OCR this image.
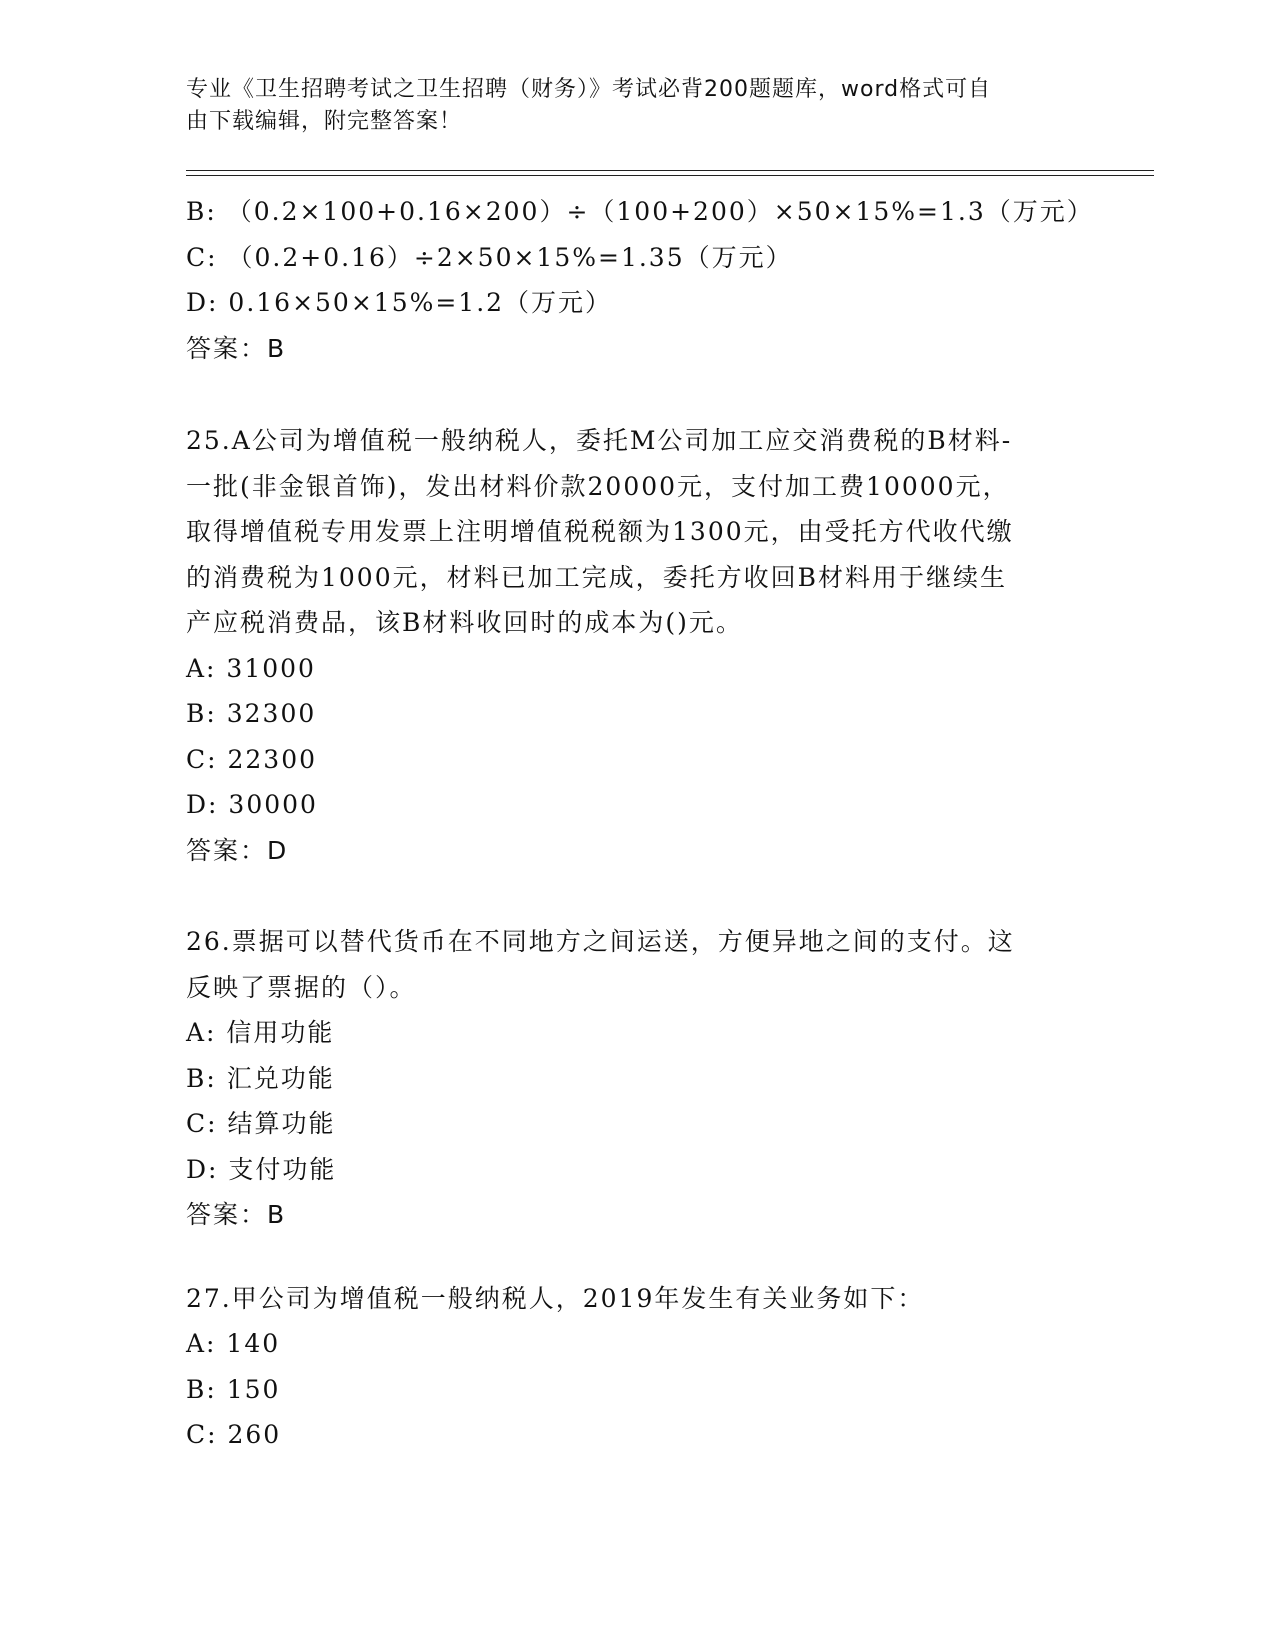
专业《卫生招聘考试之卫生招聘（财务）》考试必背200题题库，word格式可自
由下载编辑，附完整答案！
B: （0.2×100+0.16×200）÷（100+200）×50×15%=1.3（万元）
C: （0.2+0.16）÷2×50×15%=1.35（万元）
D: 0.16×50×15%=1.2（万元）
答案：B
25.A公司为增值税一般纳税人，委托M公司加工应交消费税的B材料-
一批(非金银首饰)，发出材料价款20000元，支付加工费10000元，
取得增值税专用发票上注明增值税税额为1300元，由受托方代收代缴
的消费税为1000元，材料已加工完成，委托方收回B材料用于继续生
产应税消费品，该B材料收回时的成本为()元。
A: 31000
B: 32300
C: 22300
D: 30000
答案：D
26.票据可以替代货币在不同地方之间运送，方便异地之间的支付。这
反映了票据的（）。
A: 信用功能
B: 汇兑功能
C: 结算功能
D: 支付功能
答案：B
27.甲公司为增值税一般纳税人，2019年发生有关业务如下：
A: 140
B: 150
C: 260
